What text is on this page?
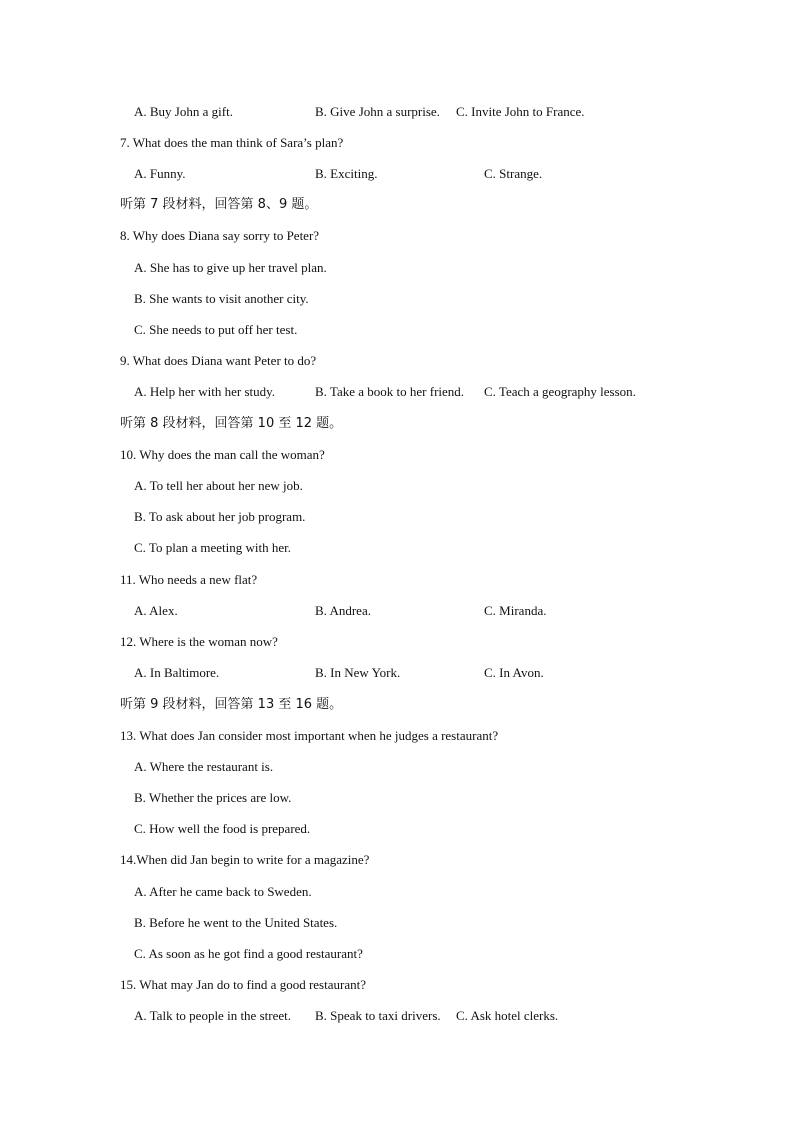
A. Buy John a gift.	B. Give John a surprise. C. Invite John to France.
7. What does the man think of Sara’s plan?
A. Funny.	B. Exciting.	C. Strange.
听第 7 段材料，回答第 8、9 题。
8. Why does Diana say sorry to Peter?
A. She has to give up her travel plan.
B. She wants to visit another city.
C. She needs to put off her test.
9. What does Diana want Peter to do?
A. Help her with her study.	B. Take a book to her friend. C. Teach a geography lesson.
听第 8 段材料，回答第 10 至 12 题。
10. Why does the man call the woman?
A. To tell her about her new job.
B. To ask about her job program.
C. To plan a meeting with her.
11. Who needs a new flat?
A. Alex.	B. Andrea.	C. Miranda.
12. Where is the woman now?
A. In Baltimore.	B. In New York.	C. In Avon.
听第 9 段材料，回答第 13 至 16 题。
13. What does Jan consider most important when he judges a restaurant?
A. Where the restaurant is.
B. Whether the prices are low.
C. How well the food is prepared.
14.When did Jan begin to write for a magazine?
A. After he came back to Sweden.
B. Before he went to the United States.
C. As soon as he got find a good restaurant?
15. What may Jan do to find a good restaurant?
A. Talk to people in the street. B. Speak to taxi drivers. C. Ask hotel clerks.
